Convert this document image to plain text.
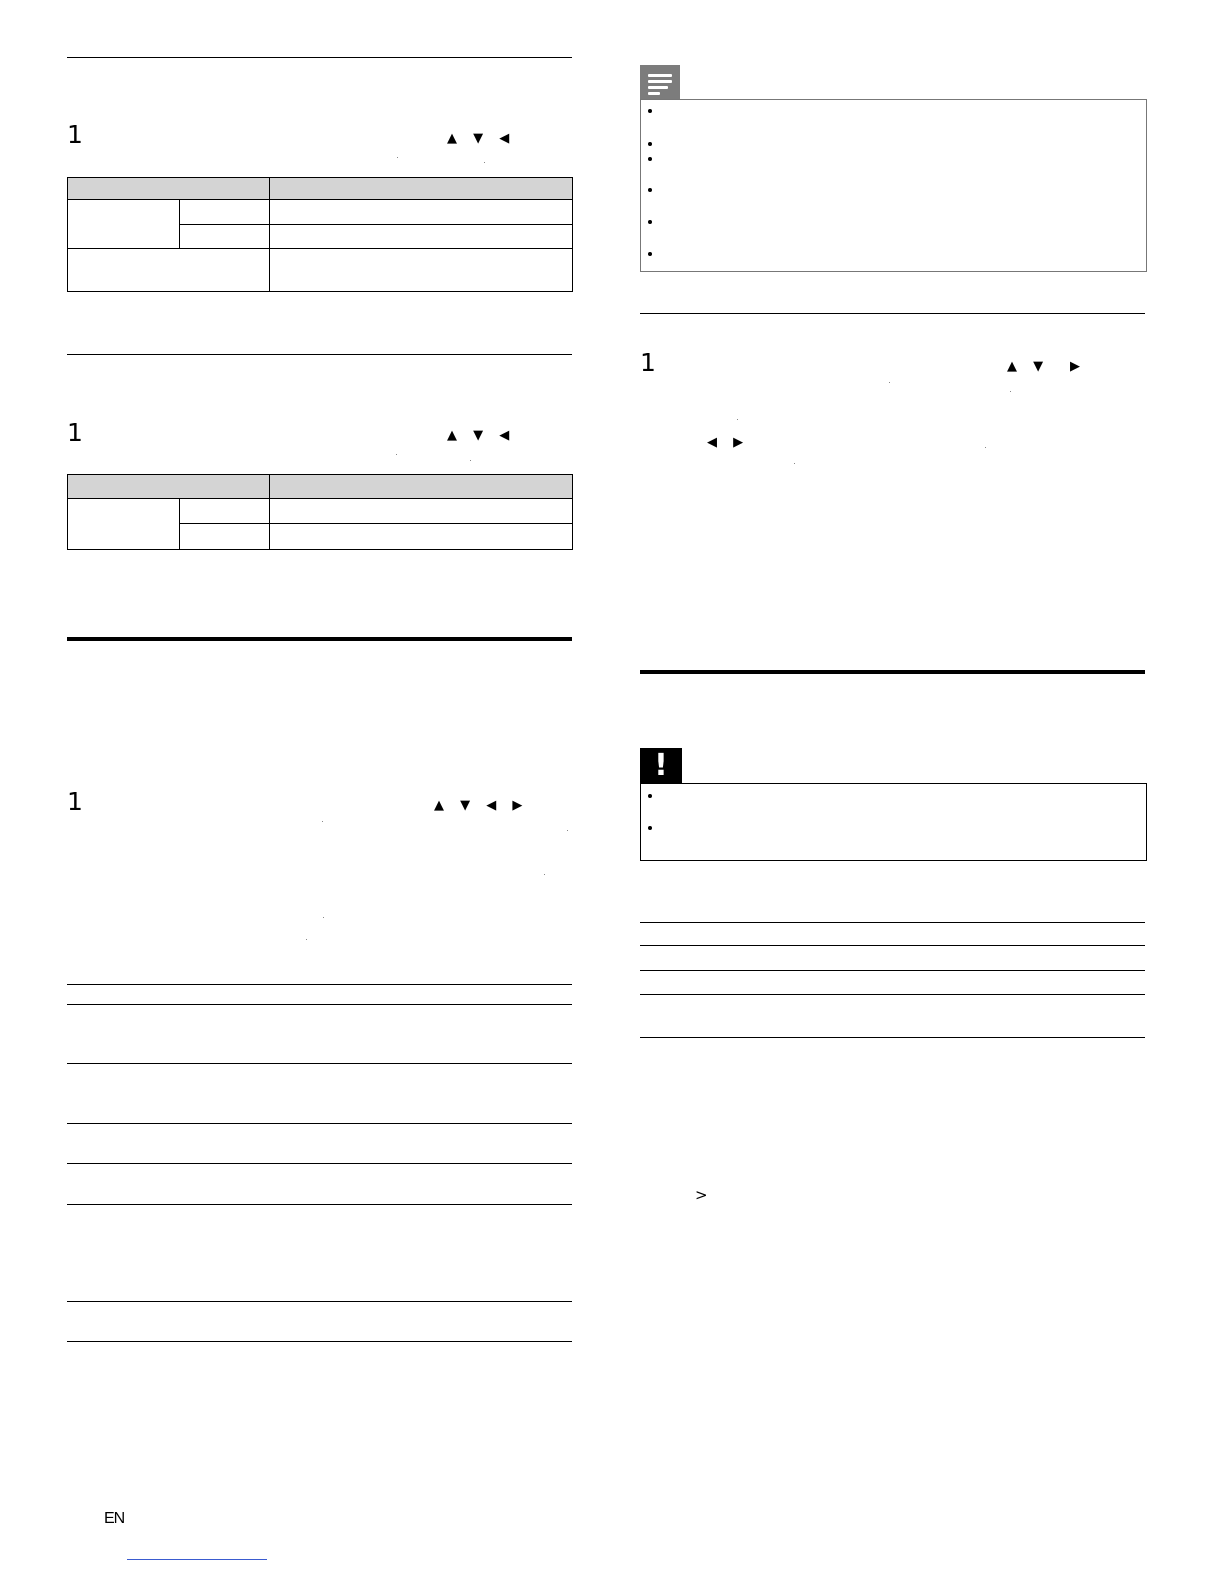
1	▲ ▼ ◀

1	▲ ▼ ◀

1	▲ ▼ ◀ ▶
1	▲ ▼ ▶
◀ ▶
!
>
EN
